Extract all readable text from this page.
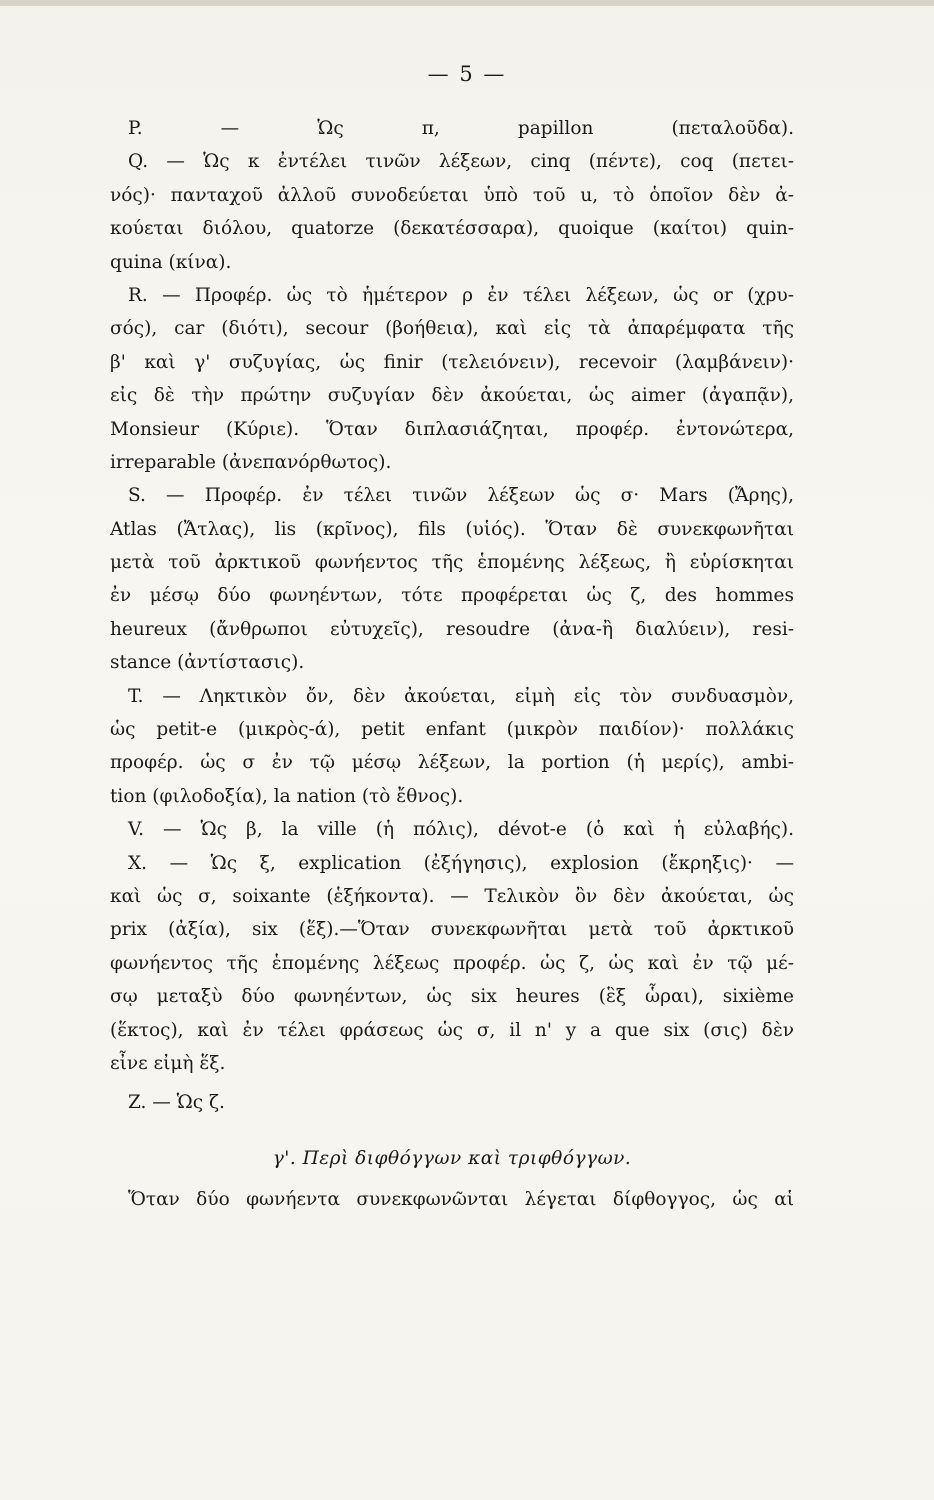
— 5 —
P. — Ὡς π, papillon (πεταλοῦδα).
Q. — Ὡς κ ἐντέλει τινῶν λέξεων, cinq (πέντε), coq (πετει-
νός)· πανταχοῦ ἀλλοῦ συνοδεύεται ὑπὸ τοῦ u, τὸ ὁποῖον δὲν ἀ-
κούεται διόλου, quatorze (δεκατέσσαρα), quoique (καίτοι) quin-
quina (κίνα).
R. — Προφέρ. ὡς τὸ ἡμέτερον ρ ἐν τέλει λέξεων, ὡς or (χρυ-
σός), car (διότι), secour (βοήθεια), καὶ εἰς τὰ ἀπαρέμφατα τῆς
β' καὶ γ' συζυγίας, ὡς finir (τελειόνειν), recevoir (λαμβάνειν)·
εἰς δὲ τὴν πρώτην συζυγίαν δὲν ἀκούεται, ὡς aimer (ἀγαπᾷν),
Monsieur (Κύριε). Ὅταν διπλασιάζηται, προφέρ. ἐντονώτερα,
irreparable (ἀνεπανόρθωτος).
S. — Προφέρ. ἐν τέλει τινῶν λέξεων ὡς σ· Mars (Ἄρης),
Atlas (Ἄτλας), lis (κρῖνος), fils (υἱός). Ὅταν δὲ συνεκφωνῆται
μετὰ τοῦ ἀρκτικοῦ φωνήεντος τῆς ἑπομένης λέξεως, ἢ εὑρίσκηται
ἐν μέσῳ δύο φωνηέντων, τότε προφέρεται ὡς ζ, des hommes
heureux (ἄνθρωποι εὐτυχεῖς), resoudre (ἀνα-ἢ διαλύειν), resi-
stance (ἀντίστασις).
T. — Ληκτικὸν ὄν, δὲν ἀκούεται, εἰμὴ εἰς τὸν συνδυασμὸν,
ὡς petit-e (μικρὸς-ά), petit enfant (μικρὸν παιδίον)· πολλάκις
προφέρ. ὡς σ ἐν τῷ μέσῳ λέξεων, la portion (ἡ μερίς), ambi-
tion (φιλοδοξία), la nation (τὸ ἔθνος).
V. — Ὡς β, la ville (ἡ πόλις), dévot-e (ὁ καὶ ἡ εὐλαβής).
X. — Ὡς ξ, explication (ἐξήγησις), explosion (ἔκρηξις)· —
καὶ ὡς σ, soixante (ἑξήκοντα). — Τελικὸν ὂν δὲν ἀκούεται, ὡς
prix (ἀξία), six (ἕξ).—Ὅταν συνεκφωνῆται μετὰ τοῦ ἀρκτικοῦ
φωνήεντος τῆς ἑπομένης λέξεως προφέρ. ὡς ζ, ὡς καὶ ἐν τῷ μέ-
σῳ μεταξὺ δύο φωνηέντων, ὡς six heures (ἓξ ὧραι), sixième
(ἕκτος), καὶ ἐν τέλει φράσεως ὡς σ, il n' y a que six (σις) δὲν
εἶνε εἰμὴ ἕξ.
Z. — Ὡς ζ.
γ'. Περὶ διφθόγγων καὶ τριφθόγγων.
Ὅταν δύο φωνήεντα συνεκφωνῶνται λέγεται δίφθογγος, ὡς αἱ
